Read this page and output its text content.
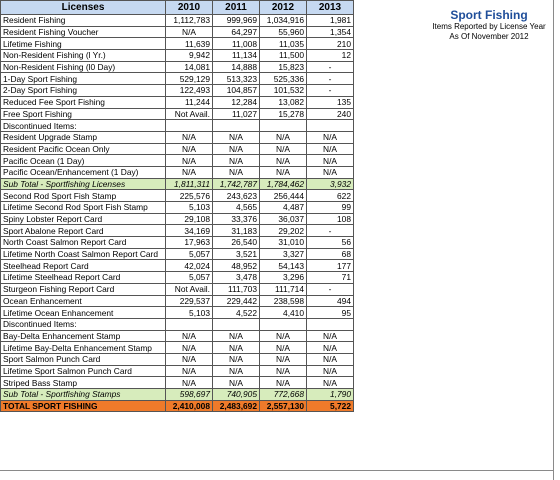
Licenses	2010	2011	2012	2013
Resident Fishing	1,112,783	999,969	1,034,916	1,981
Resident Fishing Voucher	N/A	64,297	55,960	1,354
Lifetime Fishing	11,639	11,008	11,035	210
Non-Resident Fishing (l Yr.)	9,942	11,134	11,500	12
Non-Resident Fishing (l0 Day)	14,081	14,888	15,823	-
1-Day Sport Fishing	529,129	513,323	525,336	-
2-Day Sport Fishing	122,493	104,857	101,532	-
Reduced Fee Sport Fishing	11,244	12,284	13,082	135
Free Sport Fishing	Not Avail.	11,027	15,278	240
Discontinued Items:				
Resident Upgrade Stamp	N/A	N/A	N/A	N/A
Resident Pacific Ocean Only	N/A	N/A	N/A	N/A
Pacific Ocean (1 Day)	N/A	N/A	N/A	N/A
Pacific Ocean/Enhancement (1 Day)	N/A	N/A	N/A	N/A
Sub Total - Sportfishing Licenses	1,811,311	1,742,787	1,784,462	3,932
Second Rod Sport Fish Stamp	225,576	243,623	256,444	622
Lifetime Second Rod Sport Fish Stamp	5,103	4,565	4,487	99
Spiny Lobster Report Card	29,108	33,376	36,037	108
Sport Abalone Report Card	34,169	31,183	29,202	-
North Coast Salmon Report Card	17,963	26,540	31,010	56
Lifetime North Coast Salmon Report Card	5,057	3,521	3,327	68
Steelhead Report Card	42,024	48,952	54,143	177
Lifetime Steelhead Report Card	5,057	3,478	3,296	71
Sturgeon Fishing Report Card	Not Avail.	111,703	111,714	-
Ocean Enhancement	229,537	229,442	238,598	494
Lifetime Ocean Enhancement	5,103	4,522	4,410	95
Discontinued Items:				
Bay-Delta Enhancement Stamp	N/A	N/A	N/A	N/A
Lifetime Bay-Delta Enhancement Stamp	N/A	N/A	N/A	N/A
Sport Salmon Punch Card	N/A	N/A	N/A	N/A
Lifetime Sport Salmon Punch Card	N/A	N/A	N/A	N/A
Striped Bass Stamp	N/A	N/A	N/A	N/A
Sub Total - Sportfishing Stamps	598,697	740,905	772,668	1,790
TOTAL SPORT FISHING	2,410,008	2,483,692	2,557,130	5,722
Sport Fishing
Items Reported by License Year
As Of November 2012
